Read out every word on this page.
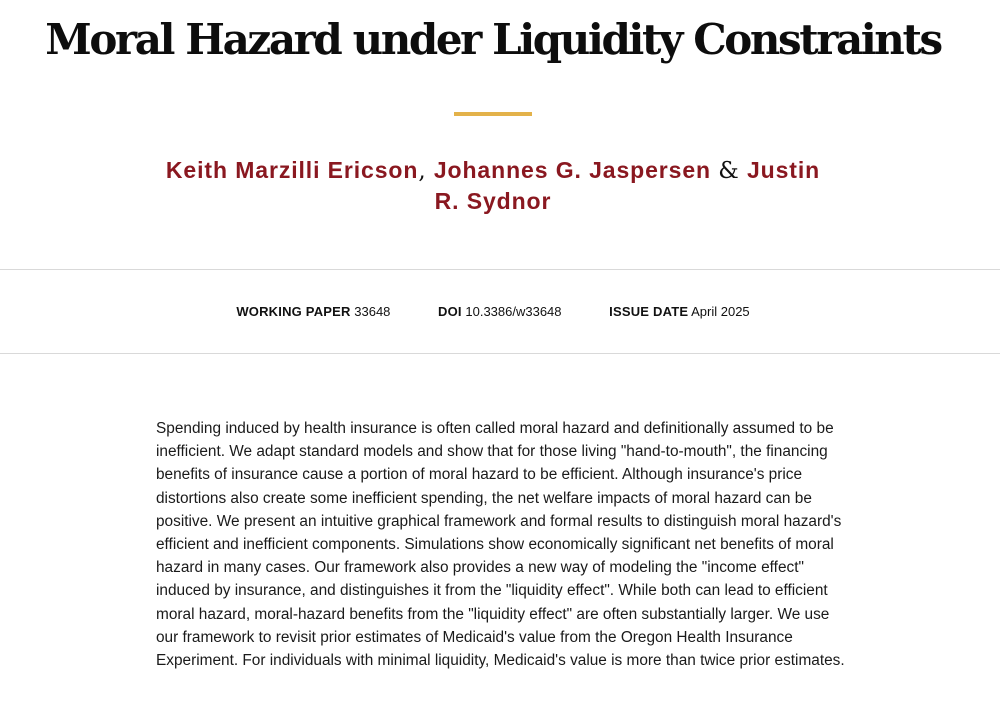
Moral Hazard under Liquidity Constraints
Keith Marzilli Ericson, Johannes G. Jaspersen & Justin R. Sydnor
WORKING PAPER 33648	DOI 10.3386/w33648	ISSUE DATE April 2025

Spending induced by health insurance is often called moral hazard and definitionally assumed to be inefficient. We adapt standard models and show that for those living "hand-to-mouth", the financing benefits of insurance cause a portion of moral hazard to be efficient. Although insurance's price distortions also create some inefficient spending, the net welfare impacts of moral hazard can be positive. We present an intuitive graphical framework and formal results to distinguish moral hazard's efficient and inefficient components. Simulations show economically significant net benefits of moral hazard in many cases. Our framework also provides a new way of modeling the "income effect" induced by insurance, and distinguishes it from the "liquidity effect". While both can lead to efficient moral hazard, moral-hazard benefits from the "liquidity effect" are often substantially larger. We use our framework to revisit prior estimates of Medicaid's value from the Oregon Health Insurance Experiment. For individuals with minimal liquidity, Medicaid's value is more than twice prior estimates.
